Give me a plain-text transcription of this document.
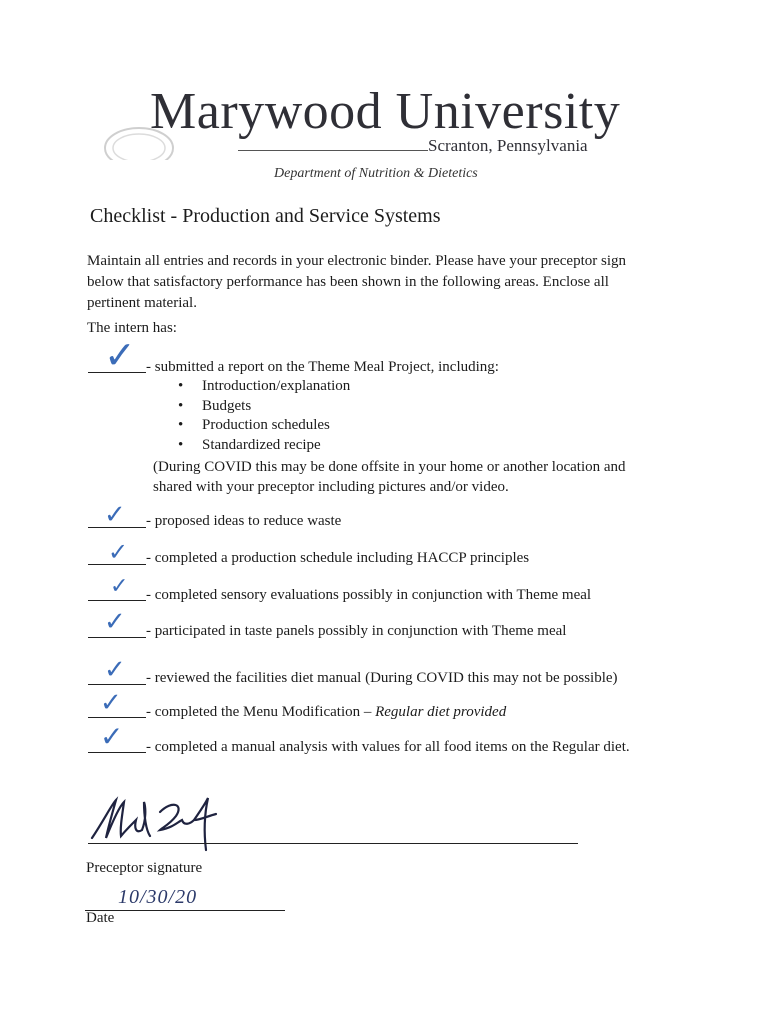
Marywood University
Scranton, Pennsylvania
Department of Nutrition & Dietetics
Checklist - Production and Service Systems
Maintain all entries and records in your electronic binder. Please have your preceptor sign below that satisfactory performance has been shown in the following areas. Enclose all pertinent material.
The intern has:
✓ - submitted a report on the Theme Meal Project, including:
• Introduction/explanation
• Budgets
• Production schedules
• Standardized recipe
(During COVID this may be done offsite in your home or another location and
shared with your preceptor including pictures and/or video.
✓ - proposed ideas to reduce waste
✓ - completed a production schedule including HACCP principles
✓ - completed sensory evaluations possibly in conjunction with Theme meal
✓ - participated in taste panels possibly in conjunction with Theme meal
✓ - reviewed the facilities diet manual (During COVID this may not be possible)
✓ - completed the Menu Modification – Regular diet provided
✓ - completed a manual analysis with values for all food items on the Regular diet.
Preceptor signature
10/30/20
Date
